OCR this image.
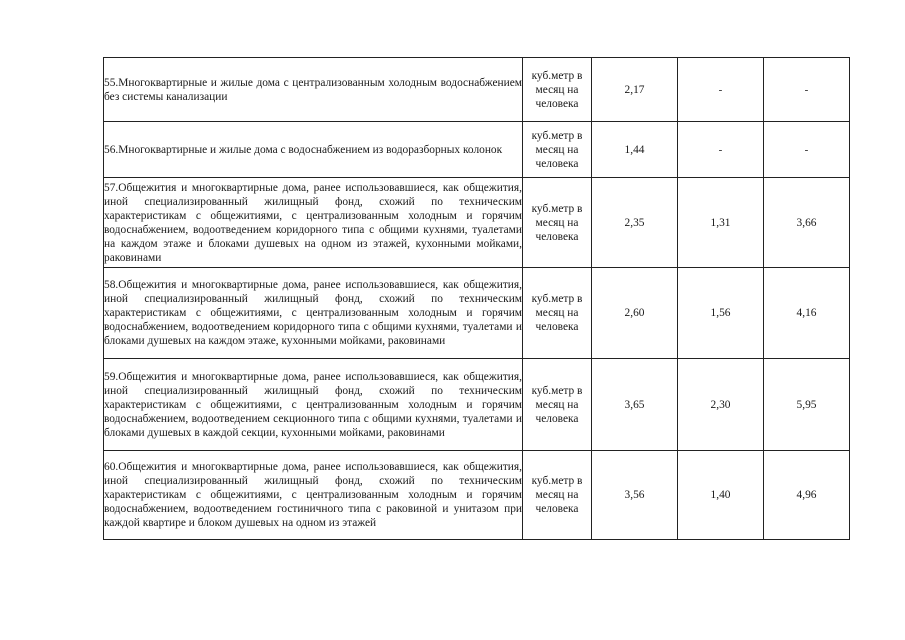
55.Многоквартирные и жилые дома с централизованным холодным водоснабжением без системы канализации	куб.метр в месяц на человека	2,17	-	-
56.Многоквартирные и жилые дома с водоснабжением из водоразборных колонок	куб.метр в месяц на человека	1,44	-	-
57.Общежития и многоквартирные дома, ранее использовавшиеся, как общежития, иной специализированный жилищный фонд, схожий по техническим характеристикам с общежитиями, с централизованным холодным и горячим водоснабжением, водоотведением коридорного типа с общими кухнями, туалетами на каждом этаже и блоками душевых на одном из этажей, кухонными мойками, раковинами	куб.метр в месяц на человека	2,35	1,31	3,66
58.Общежития и многоквартирные дома, ранее использовавшиеся, как общежития, иной специализированный жилищный фонд, схожий по техническим характеристикам с общежитиями, с централизованным холодным и горячим водоснабжением, водоотведением коридорного типа с общими кухнями, туалетами и блоками душевых на каждом этаже, кухонными мойками, раковинами	куб.метр в месяц на человека	2,60	1,56	4,16
59.Общежития и многоквартирные дома, ранее использовавшиеся, как общежития, иной специализированный жилищный фонд, схожий по техническим характеристикам с общежитиями, с централизованным холодным и горячим водоснабжением, водоотведением секционного типа с общими кухнями, туалетами и блоками душевых в каждой секции, кухонными мойками, раковинами	куб.метр в месяц на человека	3,65	2,30	5,95
60.Общежития и многоквартирные дома, ранее использовавшиеся, как общежития, иной специализированный жилищный фонд, схожий по техническим характеристикам с общежитиями, с централизованным холодным и горячим водоснабжением, водоотведением гостиничного типа с раковиной и унитазом при каждой квартире и блоком душевых на одном из этажей	куб.метр в месяц на человека	3,56	1,40	4,96
